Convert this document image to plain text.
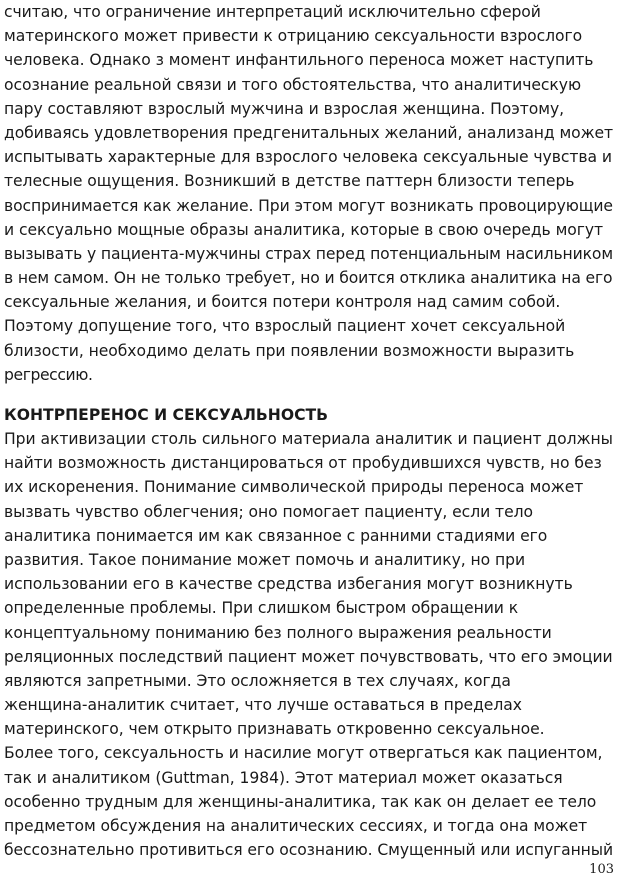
считаю, что ограничение интерпретаций исключительно сферой
материнского может привести к отрицанию сексуальности взрослого
человека. Однако з момент инфантильного переноса может наступить
осознание реальной связи и того обстоятельства, что аналитическую
пару составляют взрослый мужчина и взрослая женщина. Поэтому,
добиваясь удовлетворения предгенитальных желаний, анализанд может
испытывать характерные для взрослого человека сексуальные чувства и
телесные ощущения. Возникший в детстве паттерн близости теперь
воспринимается как желание. При этом могут возникать провоцирующие
и сексуально мощные образы аналитика, которые в свою очередь могут
вызывать у пациента-мужчины страх перед потенциальным насильником
в нем самом. Он не только требует, но и боится отклика аналитика на его
сексуальные желания, и боится потери контроля над самим собой.
Поэтому допущение того, что взрослый пациент хочет сексуальной
близости, необходимо делать при появлении возможности выразить
регрессию.
КОНТРПЕРЕНОС И СЕКСУАЛЬНОСТЬ
При активизации столь сильного материала аналитик и пациент должны
найти возможность дистанцироваться от пробудившихся чувств, но без
их искоренения. Понимание символической природы переноса может
вызвать чувство облегчения; оно помогает пациенту, если тело
аналитика понимается им как связанное с ранними стадиями его
развития. Такое понимание может помочь и аналитику, но при
использовании его в качестве средства избегания могут возникнуть
определенные проблемы. При слишком быстром обращении к
концептуальному пониманию без полного выражения реальности
реляционных последствий пациент может почувствовать, что его эмоции
являются запретными. Это осложняется в тех случаях, когда
женщина-аналитик считает, что лучше оставаться в пределах
материнского, чем открыто признавать откровенно сексуальное.
Более того, сексуальность и насилие могут отвергаться как пациентом,
так и аналитиком (Guttman, 1984). Этот материал может оказаться
особенно трудным для женщины-аналитика, так как он делает ее тело
предметом обсуждения на аналитических сессиях, и тогда она может
бессознательно противиться его осознанию. Смущенный или испуганный
103
